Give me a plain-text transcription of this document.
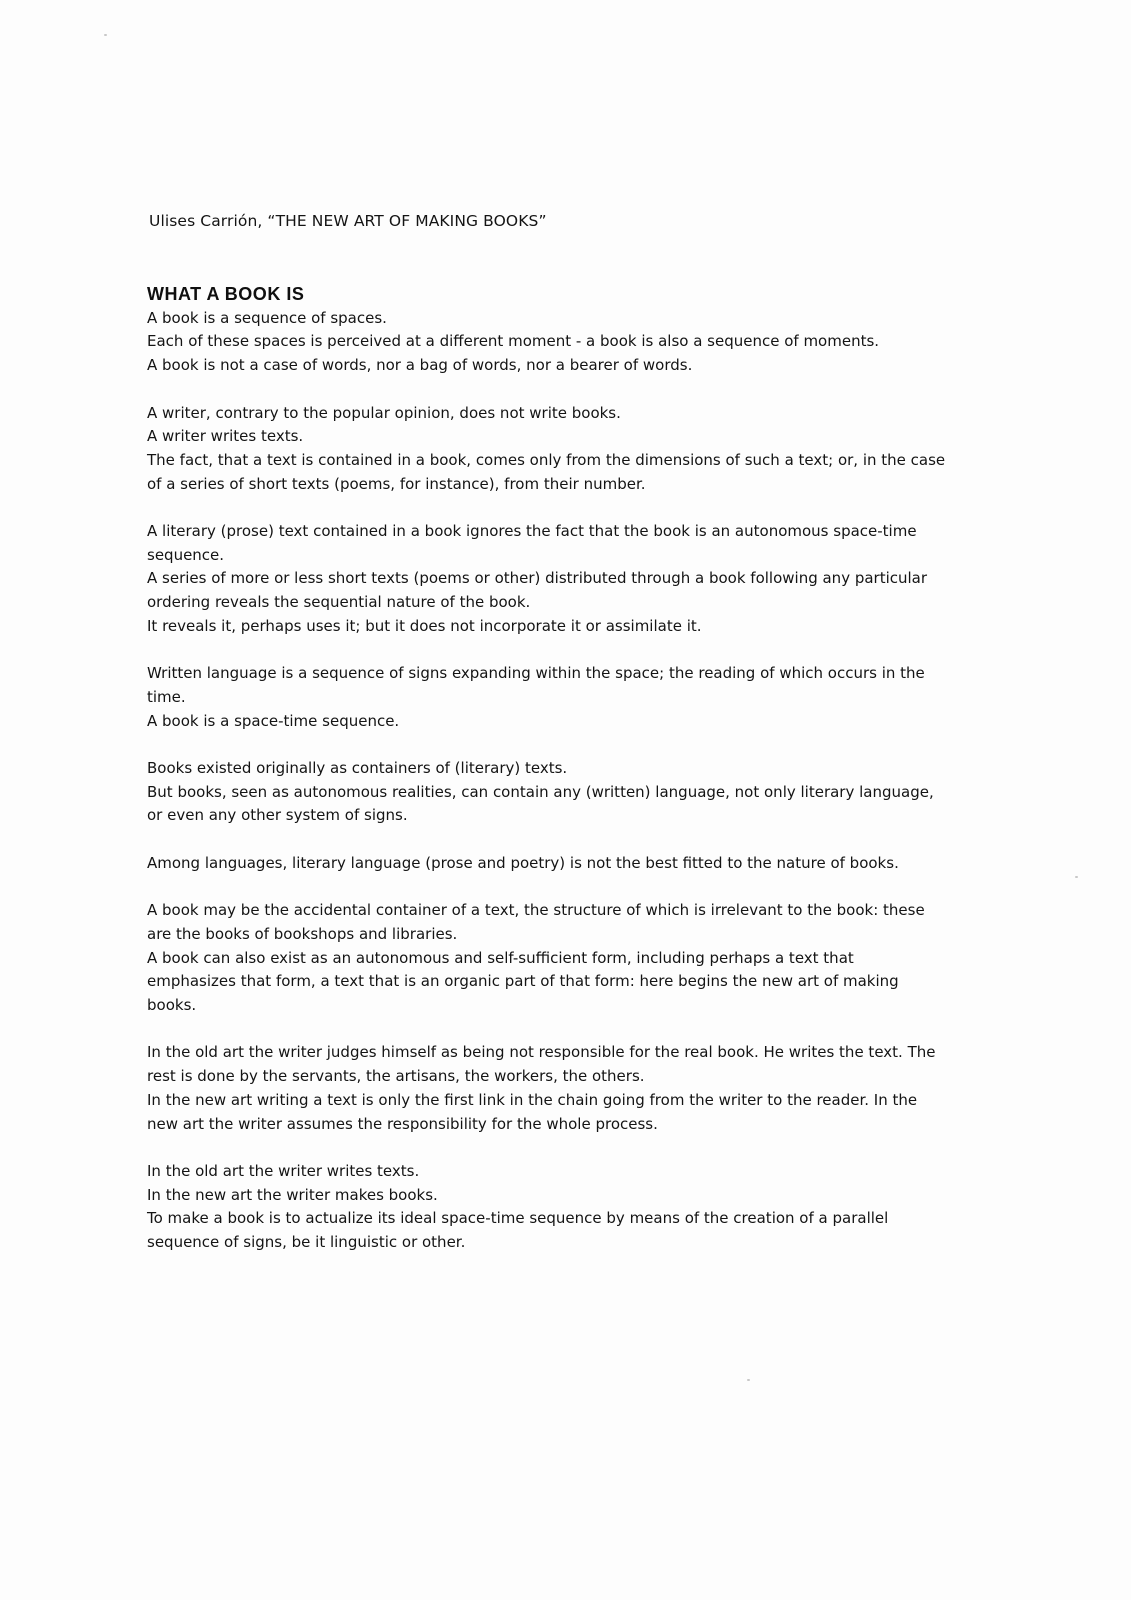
Ulises Carrión, “THE NEW ART OF MAKING BOOKS”
WHAT A BOOK IS
A book is a sequence of spaces.
Each of these spaces is perceived at a different moment - a book is also a sequence of moments.
A book is not a case of words, nor a bag of words, nor a bearer of words.
A writer, contrary to the popular opinion, does not write books.
A writer writes texts.
The fact, that a text is contained in a book, comes only from the dimensions of such a text; or, in the case of a series of short texts (poems, for instance), from their number.
A literary (prose) text contained in a book ignores the fact that the book is an autonomous space-time sequence.
A series of more or less short texts (poems or other) distributed through a book following any particular ordering reveals the sequential nature of the book.
It reveals it, perhaps uses it; but it does not incorporate it or assimilate it.
Written language is a sequence of signs expanding within the space; the reading of which occurs in the time.
A book is a space-time sequence.
Books existed originally as containers of (literary) texts.
But books, seen as autonomous realities, can contain any (written) language, not only literary language, or even any other system of signs.
Among languages, literary language (prose and poetry) is not the best fitted to the nature of books.
A book may be the accidental container of a text, the structure of which is irrelevant to the book: these are the books of bookshops and libraries.
A book can also exist as an autonomous and self-sufficient form, including perhaps a text that emphasizes that form, a text that is an organic part of that form: here begins the new art of making books.
In the old art the writer judges himself as being not responsible for the real book. He writes the text. The rest is done by the servants, the artisans, the workers, the others.
In the new art writing a text is only the first link in the chain going from the writer to the reader. In the new art the writer assumes the responsibility for the whole process.
In the old art the writer writes texts.
In the new art the writer makes books.
To make a book is to actualize its ideal space-time sequence by means of the creation of a parallel sequence of signs, be it linguistic or other.
